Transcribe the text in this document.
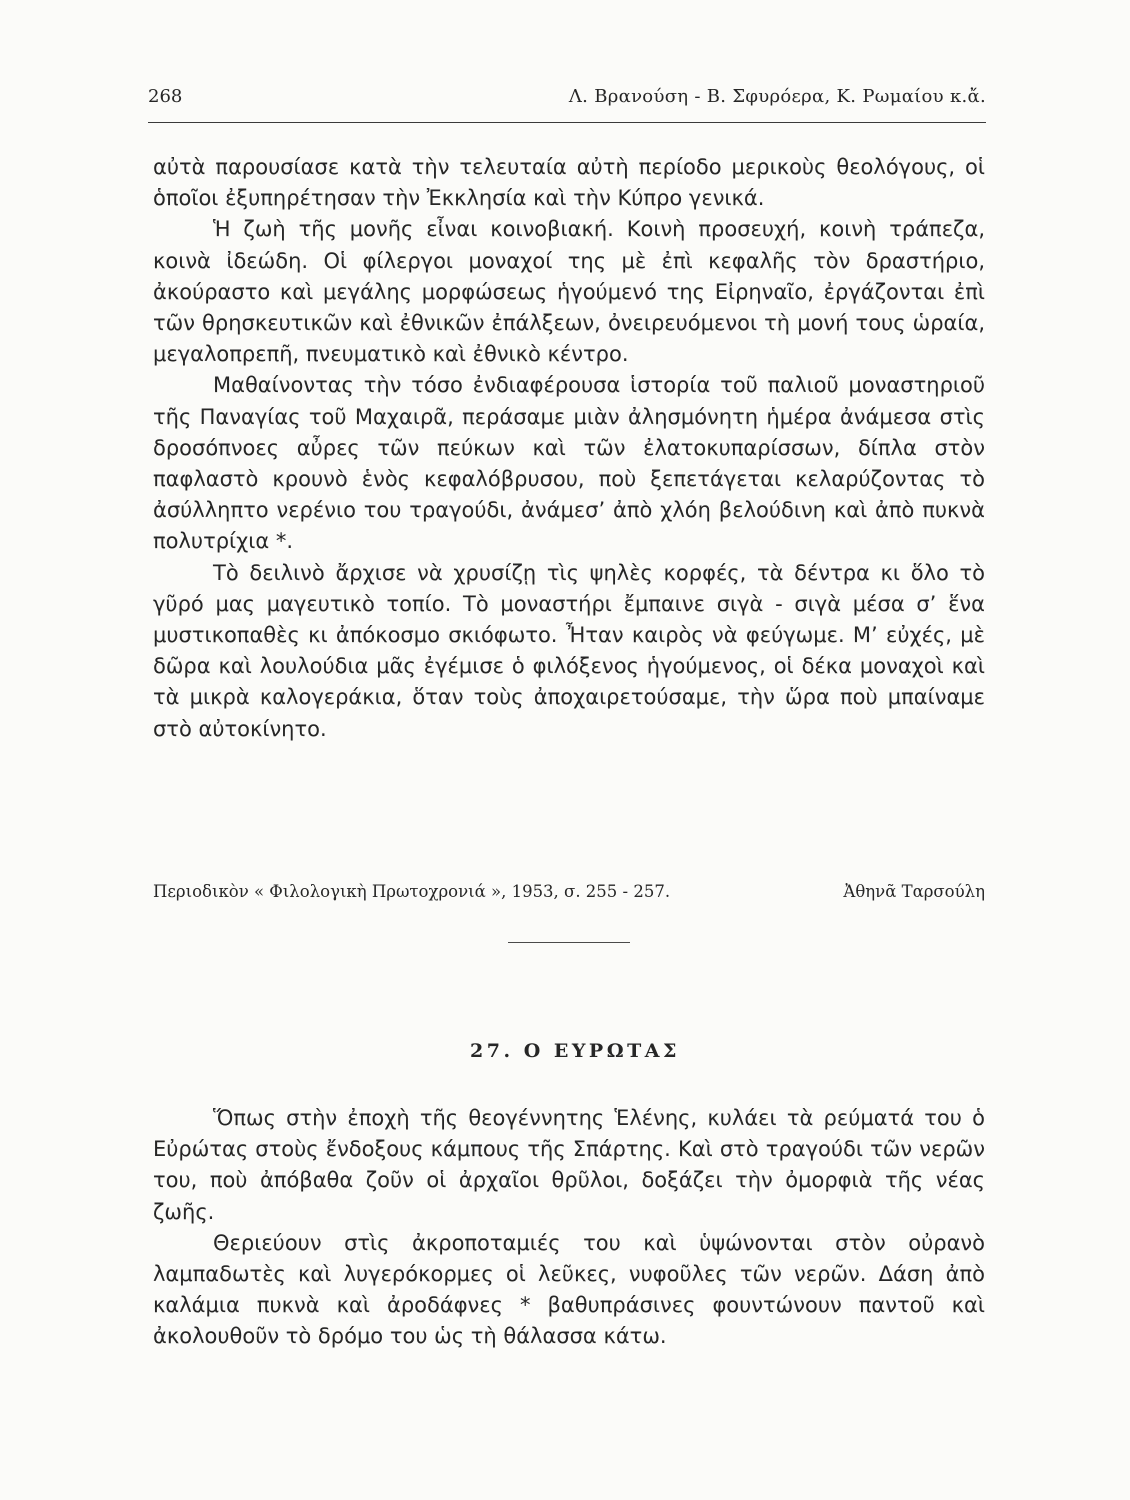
268	Λ. Βρανούση - Β. Σφυρόερα, Κ. Ρωμαίου κ.ἄ.

αὐτὰ παρουσίασε κατὰ τὴν τελευταία αὐτὴ περίοδο μερικοὺς θεολόγους, οἱ ὁποῖοι ἐξυπηρέτησαν τὴν Ἐκκλησία καὶ τὴν Κύπρο γενικά.

Ἡ ζωὴ τῆς μονῆς εἶναι κοινοβιακή. Κοινὴ προσευχή, κοινὴ τράπεζα, κοινὰ ἰδεώδη. Οἱ φίλεργοι μοναχοί της μὲ ἐπὶ κεφαλῆς τὸν δραστήριο, ἀκούραστο καὶ μεγάλης μορφώσεως ἡγούμενό της Εἰρηναῖο, ἐργάζονται ἐπὶ τῶν θρησκευτικῶν καὶ ἐθνικῶν ἐπάλξεων, ὀνειρευόμενοι τὴ μονή τους ὡραία, μεγαλοπρεπῆ, πνευματικὸ καὶ ἐθνικὸ κέντρο.

Μαθαίνοντας τὴν τόσο ἐνδιαφέρουσα ἱστορία τοῦ παλιοῦ μοναστηριοῦ τῆς Παναγίας τοῦ Μαχαιρᾶ, περάσαμε μιὰν ἀλησμόνητη ἡμέρα ἀνάμεσα στὶς δροσόπνοες αὖρες τῶν πεύκων καὶ τῶν ἐλατοκυπαρίσσων, δίπλα στὸν παφλαστὸ κρουνὸ ἑνὸς κεφαλόβρυσου, ποὺ ξεπετάγεται κελαρύζοντας τὸ ἀσύλληπτο νερένιο του τραγούδι, ἀνάμεσ’ ἀπὸ χλόη βελούδινη καὶ ἀπὸ πυκνὰ πολυτρίχια *.

Τὸ δειλινὸ ἄρχισε νὰ χρυσίζῃ τὶς ψηλὲς κορφές, τὰ δέντρα κι ὅλο τὸ γῦρό μας μαγευτικὸ τοπίο. Τὸ μοναστήρι ἔμπαινε σιγὰ - σιγὰ μέσα σ’ ἕνα μυστικοπαθὲς κι ἀπόκοσμο σκιόφωτο. Ἦταν καιρὸς νὰ φεύγωμε. Μ’ εὐχές, μὲ δῶρα καὶ λουλούδια μᾶς ἐγέμισε ὁ φιλόξενος ἡγούμενος, οἱ δέκα μοναχοὶ καὶ τὰ μικρὰ καλογεράκια, ὅταν τοὺς ἀποχαιρετούσαμε, τὴν ὥρα ποὺ μπαίναμε στὸ αὐτοκίνητο.

Περιοδικὸν « Φιλολογικὴ Πρωτοχρονιά », 1953, σ. 255 - 257.	Ἀθηνᾶ Ταρσούλη
27. Ο ΕΥΡΩΤΑΣ

Ὅπως στὴν ἐποχὴ τῆς θεογέννητης Ἑλένης, κυλάει τὰ ρεύματά του ὁ Εὐρώτας στοὺς ἔνδοξους κάμπους τῆς Σπάρτης. Καὶ στὸ τραγούδι τῶν νερῶν του, ποὺ ἀπόβαθα ζοῦν οἱ ἀρχαῖοι θρῦλοι, δοξάζει τὴν ὀμορφιὰ τῆς νέας ζωῆς.

Θεριεύουν στὶς ἀκροποταμιές του καὶ ὑψώνονται στὸν οὐρανὸ λαμπαδωτὲς καὶ λυγερόκορμες οἱ λεῦκες, νυφοῦλες τῶν νερῶν. Δάση ἀπὸ καλάμια πυκνὰ καὶ ἀροδάφνες * βαθυπράσινες φουντώνουν παντοῦ καὶ ἀκολουθοῦν τὸ δρόμο του ὡς τὴ θάλασσα κάτω.
